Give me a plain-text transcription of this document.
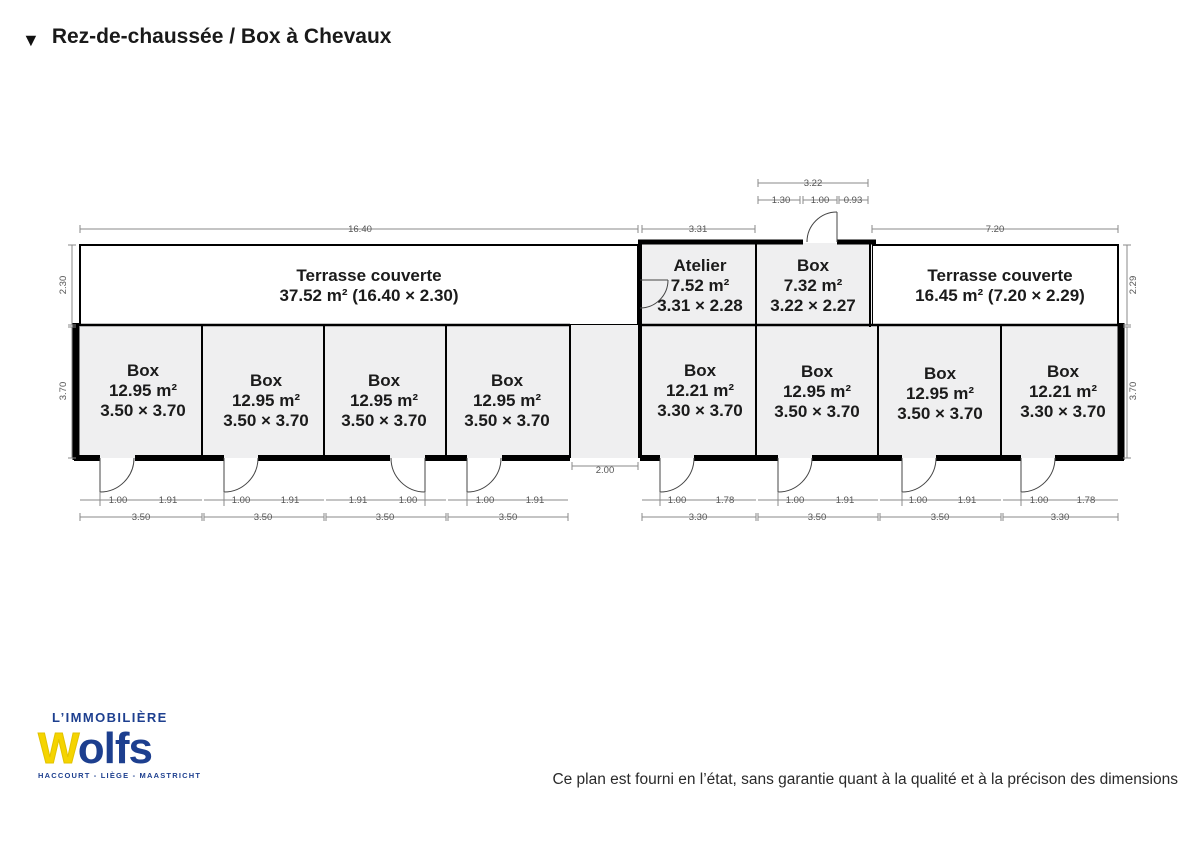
▼ Rez-de-chaussée / Box à Chevaux
16.40	3.31
3.22
1.30 1.00 0.93
7.20
2.30
3.70
2.29
3.70
2.00
1.00	1.91
3.50
1.00	1.91
3.50
1.91	1.00
3.50
1.00	1.91
3.50
1.00	1.78
3.30
1.00	1.91
3.50
1.00	1.91
3.50
1.00	1.78
3.30
Terrasse couverte
37.52 m² (16.40 × 2.30)
Atelier
7.52 m²
3.31 × 2.28
Box
7.32 m²
3.22 × 2.27
Terrasse couverte
16.45 m² (7.20 × 2.29)
Box
12.95 m²
3.50 × 3.70
Box
12.95 m²
3.50 × 3.70
Box
12.95 m²
3.50 × 3.70
Box
12.95 m²
3.50 × 3.70
Box
12.21 m²
3.30 × 3.70
Box
12.95 m²
3.50 × 3.70
Box
12.95 m²
3.50 × 3.70
Box
12.21 m²
3.30 × 3.70
L’IMMOBILIÈRE
Wolfs
HACCOURT - LIÈGE - MAASTRICHT	Ce plan est fourni en l’état, sans garantie quant à la qualité et à la précison des dimensions
